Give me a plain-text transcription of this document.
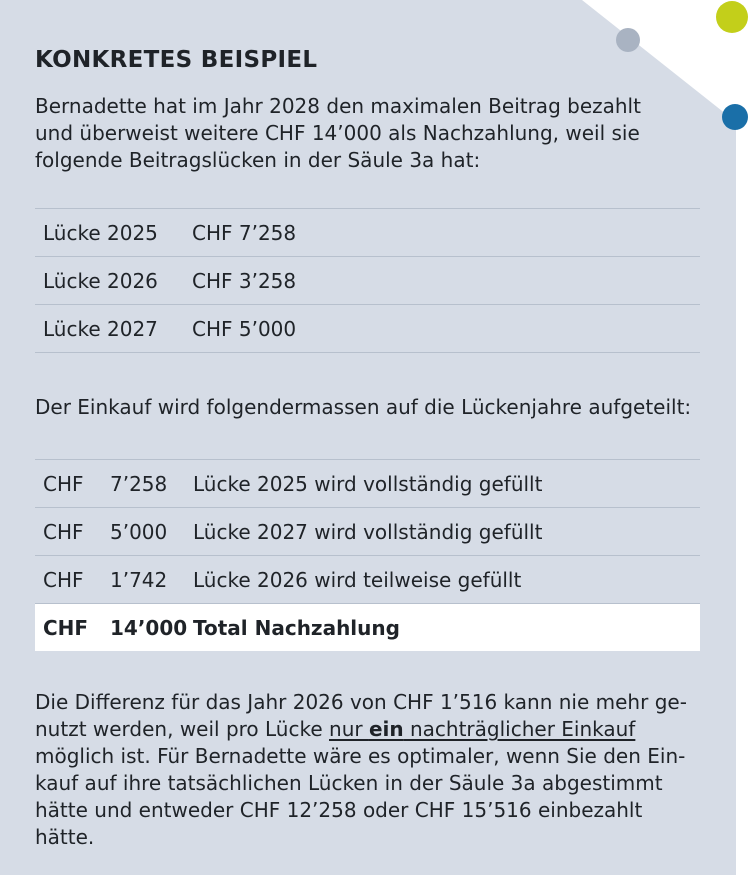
KONKRETES BEISPIEL
Bernadette hat im Jahr 2028 den maximalen Beitrag bezahlt
und überweist weitere CHF 14’000 als Nachzahlung, weil sie
folgende Beitragslücken in der Säule 3a hat:
Lücke 2025 CHF 7’258
Lücke 2026 CHF 3’258
Lücke 2027 CHF 5’000
Der Einkauf wird folgendermassen auf die Lückenjahre aufgeteilt:
CHF 7’258 Lücke 2025 wird vollständig gefüllt
CHF 5’000 Lücke 2027 wird vollständig gefüllt
CHF 1’742 Lücke 2026 wird teilweise gefüllt
CHF 14’000 Total Nachzahlung
Die Differenz für das Jahr 2026 von CHF 1’516 kann nie mehr ge-
nutzt werden, weil pro Lücke nur ein nachträglicher Einkauf
möglich ist. Für Bernadette wäre es optimaler, wenn Sie den Ein-
kauf auf ihre tatsächlichen Lücken in der Säule 3a abgestimmt
hätte und entweder CHF 12’258 oder CHF 15’516 einbezahlt hätte.
